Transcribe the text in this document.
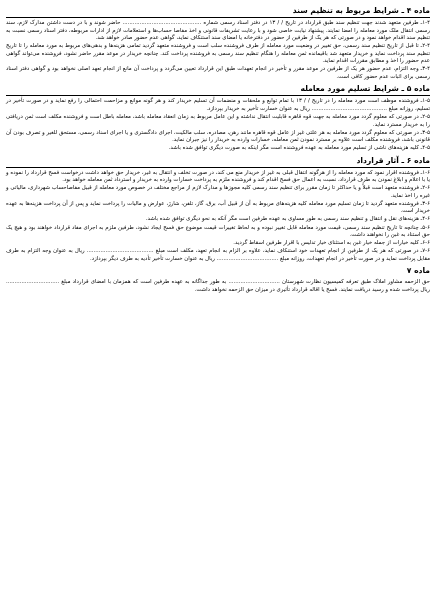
ماده ۴ ـ شرایط مربوط به تنظیم سند

۱-۴ـ طرفین متعهد شدند جهت تنظیم سند طبق قرارداد در تاریخ / / ۱۳ در دفتر اسناد رسمی شماره .............................................. حاضر شوند و با در دست داشتن مدارک لازم، سند رسمی انتقال ملک مورد معامله را امضا نمایند. پیشنهاد نیابت خاصی شود و با رعایت تشریفات قانونی و اخذ مفاصا حساب‌ها و استعلامات لازم از ادارات مربوطه، دفتر اسناد رسمی نسبت به تنظیم سند اقدام خواهد نمود و در صورتی که هر یک از طرفین از حضور در دفترخانه یا امضای سند استنکاف نماید، گواهی عدم حضور صادر خواهد شد.

۲-۴ـ تا قبل از تاریخ تنظیم سند رسمی، حق تغییر در وضعیت مورد معامله از طرف فروشنده سلب است و فروشنده متعهد گردید تمامی هزینه‌ها و بدهی‌های مربوط به مورد معامله را تا تاریخ تنظیم سند پرداخت نماید و خریدار متعهد شد باقیمانده ثمن معامله را هنگام تنظیم سند رسمی به فروشنده پرداخت کند. چنانچه خریدار در موعد مقرر حاضر نشود، فروشنده می‌تواند گواهی عدم حضور را اخذ و مطابق مقررات اقدام نماید.

۳-۴ـ وجه التزام، عدم حضور هر یک از طرفین در موعد مقرر و تأخیر در انجام تعهدات طبق این قرارداد تعیین می‌گردد و پرداخت آن مانع از انجام تعهد اصلی نخواهد بود و گواهی دفتر اسناد رسمی برای اثبات عدم حضور کافی است.

ماده ۵ ـ شرایط تسلیم مورد معامله

۱-۵ـ فروشنده موظف است مورد معامله را در تاریخ / / ۱۳ با تمام توابع و ملحقات و منضمات آن تسلیم خریدار کند و هر گونه موانع و مزاحمت احتمالی را رفع نماید و در صورت تأخیر در تسلیم، روزانه مبلغ ............................................ ریال به عنوان خسارت تأخیر به خریدار بپردازد.

۲-۵ـ در صورتی که معلوم گردد مورد معامله به جهت قوه قاهره قابلیت انتقال نداشته و این عامل مربوط به زمان انعقاد معامله باشد، معامله باطل است و فروشنده مکلف است ثمن دریافتی را به خریدار مسترد نماید.

۳-۵ـ در صورتی که معلوم گردد مورد معامله به هر علتی غیر از عامل قوه قاهره مانند رهن، مصادره، سلب مالکیت، اجرای دادگستری و یا اجرای اسناد رسمی، مستحق للغیر و تصرف بودن آن قانونی باشد، فروشنده مکلف است علاوه بر مسترد نمودن ثمن معامله، خسارات وارده به خریدار را نیز جبران نماید.

۴-۵ـ کلیه هزینه‌های ناشی از تسلیم مورد معامله به عهده فروشنده است مگر اینکه به صورت دیگری توافق شده باشد.

ماده ۶ ـ آثار قرارداد

۱-۶ـ فروشنده اقرار نمود که مورد معامله را از هرگونه انتقال قبلی به غیر از خریدار منع می کند، در صورت تخلف و انتقال به غیر، خریدار حق خواهد داشت درخواست فسخ قرارداد را نموده و یا با اعلام و ابلاغ نمودن به طرف قرارداد، نسبت به اعمال حق فسخ اقدام کند و فروشنده ملزم به پرداخت خسارات وارده به خریدار و استرداد ثمن معامله خواهد بود.

۲-۶ـ فروشنده متعهد است قبلاً و یا حداکثر تا زمان مقرر برای تنظیم سند رسمی کلیه مجوزها و مدارک لازم از مراجع مختلف در خصوص مورد معامله از قبیل مفاصاحساب شهرداری، مالیاتی و غیره را اخذ نماید.

۳-۶ـ فروشنده متعهد گردید تا زمان تسلیم مورد معامله کلیه هزینه‌های مربوط به آن از قبیل آب، برق، گاز، تلفن، شارژ، عوارض و مالیات را پرداخت نماید و پس از آن پرداخت هزینه‌ها به عهده خریدار است.

۴-۶ـ هزینه‌های نقل و انتقال و تنظیم سند رسمی به طور مساوی به عهده طرفین است مگر آنکه به نحو دیگری توافق شده باشد.

۵-۶ـ چنانچه تا تاریخ تنظیم سند رسمی، قیمت مورد معامله قابل تغییر نبوده و به لحاظ تغییرات قیمت موضوع حق فسخ ایجاد نشود، طرفین ملزم به اجرای مفاد قرارداد خواهند بود و هیچ یک حق استناد به غبن را نخواهند داشت.

۶-۶ـ کلیه خیارات از جمله خیار غبن به استثنای خیار تدلیس با اقرار طرفین اسقاط گردید.

۷-۶ـ در صورتی که هر یک از طرفین از انجام تعهدات خود استنکاف نماید، علاوه بر الزام به انجام تعهد، مکلف است مبلغ ....................................... ریال به عنوان وجه التزام به طرف مقابل پرداخت نماید و در صورت تأخیر در انجام تعهدات، روزانه مبلغ .................................... ریال به عنوان خسارت تأخیر تأدیه به طرف دیگر بپردازد.

ماده ۷

حق الزحمه مشاور املاک طبق تعرفه کمیسیون نظارت شهرستان .............................. به طور جداگانه به عهده طرفین است که همزمان با امضای قرارداد مبلغ ............................... ریال پرداخت شده و رسید دریافت نمایند. فسخ یا اقاله قرارداد تأثیری در میزان حق الزحمه نخواهد داشت.
